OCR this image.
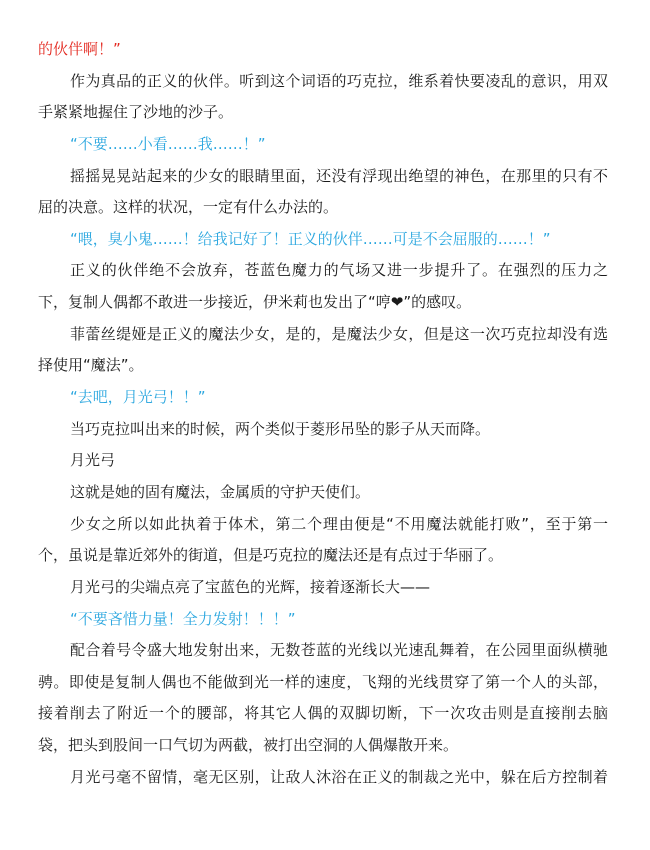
的伙伴啊！”
作为真品的正义的伙伴。听到这个词语的巧克拉，维系着快要凌乱的意识，用双
手紧紧地握住了沙地的沙子。
“不要……小看……我……！”
摇摇晃晃站起来的少女的眼睛里面，还没有浮现出绝望的神色，在那里的只有不
屈的决意。这样的状况，一定有什么办法的。
“喂，臭小鬼……！给我记好了！正义的伙伴……可是不会屈服的……！”
正义的伙伴绝不会放弃，苍蓝色魔力的气场又进一步提升了。在强烈的压力之
下，复制人偶都不敢进一步接近，伊米莉也发出了“哼❤”的感叹。
菲蕾丝缇娅是正义的魔法少女，是的，是魔法少女，但是这一次巧克拉却没有选
择使用“魔法”。
“去吧，月光弓！！”
当巧克拉叫出来的时候，两个类似于菱形吊坠的影子从天而降。
月光弓
这就是她的固有魔法，金属质的守护天使们。
少女之所以如此执着于体术，第二个理由便是“不用魔法就能打败”，至于第一
个，虽说是靠近郊外的街道，但是巧克拉的魔法还是有点过于华丽了。
月光弓的尖端点亮了宝蓝色的光辉，接着逐渐长大——
“不要吝惜力量！全力发射！！！”
配合着号令盛大地发射出来，无数苍蓝的光线以光速乱舞着，在公园里面纵横驰
骋。即使是复制人偶也不能做到光一样的速度，飞翔的光线贯穿了第一个人的头部，
接着削去了附近一个的腰部，将其它人偶的双脚切断，下一次攻击则是直接削去脑
袋，把头到股间一口气切为两截，被打出空洞的人偶爆散开来。
月光弓毫不留情，毫无区别，让敌人沐浴在正义的制裁之光中，躲在后方控制着
